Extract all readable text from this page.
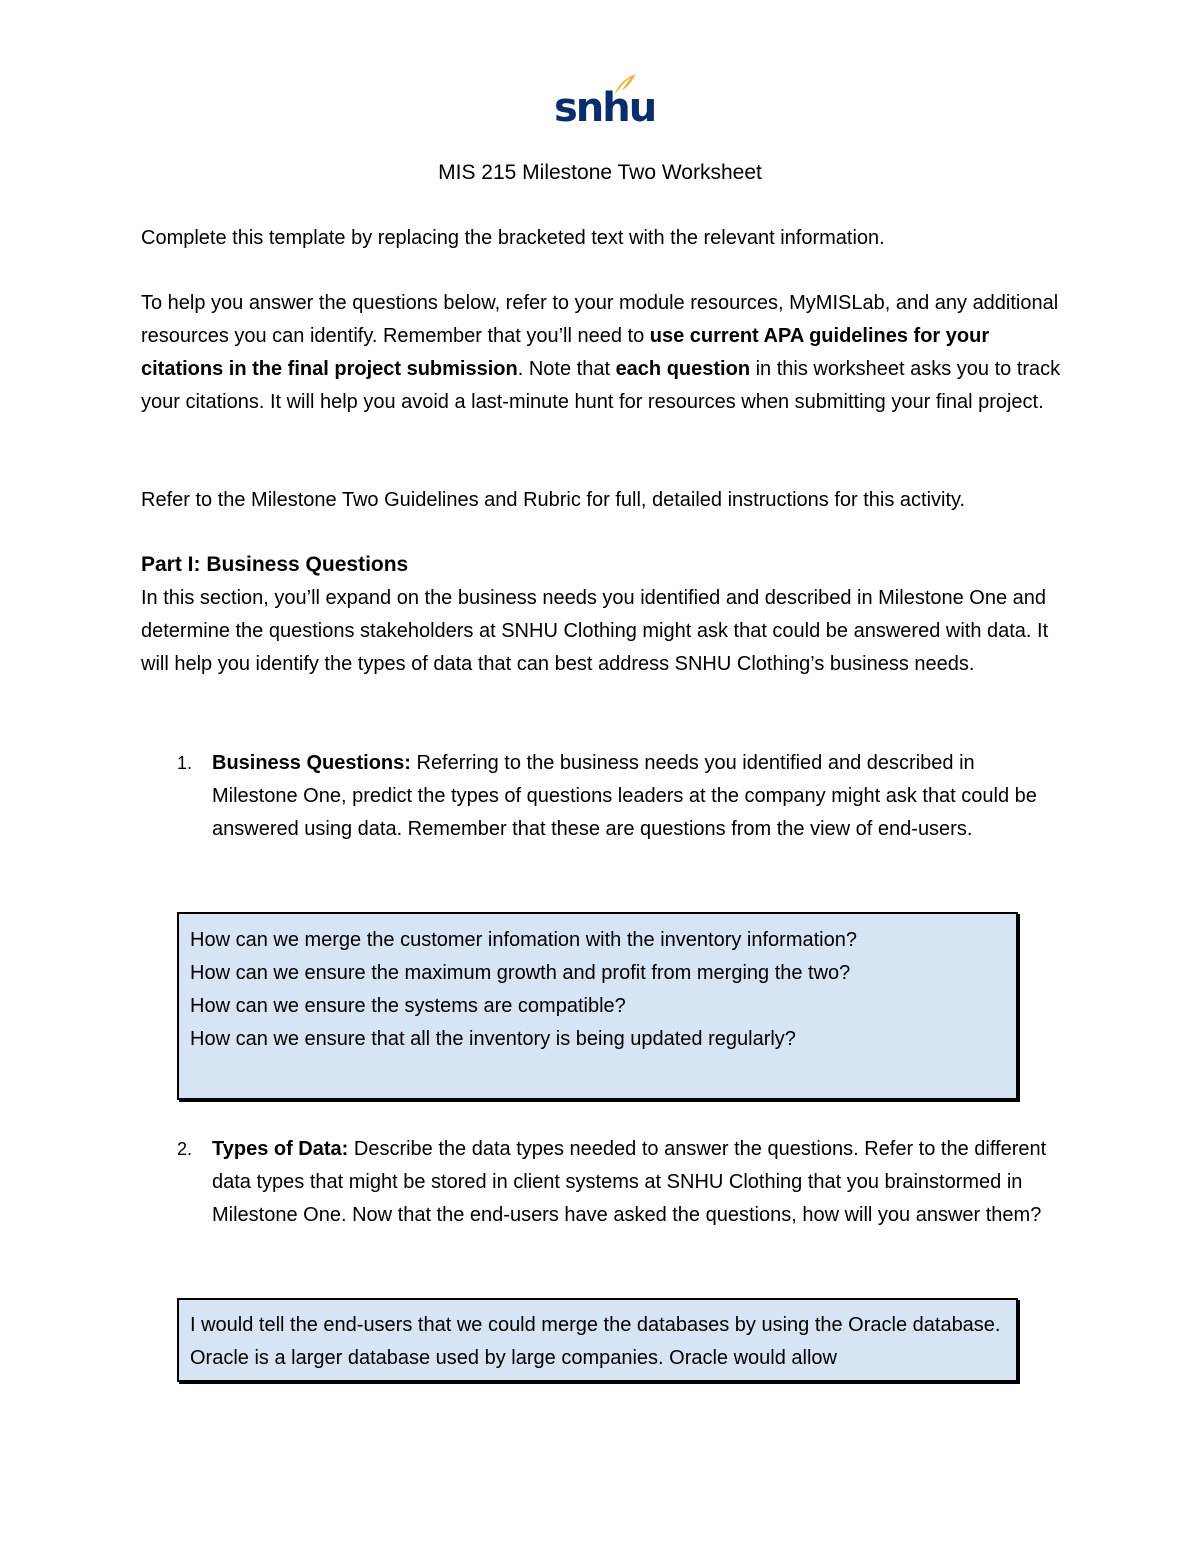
snhu
MIS 215 Milestone Two Worksheet

Complete this template by replacing the bracketed text with the relevant information.

To help you answer the questions below, refer to your module resources, MyMISLab, and any additional resources you can identify. Remember that you’ll need to use current APA guidelines for your citations in the final project submission. Note that each question in this worksheet asks you to track your citations. It will help you avoid a last-minute hunt for resources when submitting your final project.

Refer to the Milestone Two Guidelines and Rubric for full, detailed instructions for this activity.

Part I: Business Questions

In this section, you’ll expand on the business needs you identified and described in Milestone One and determine the questions stakeholders at SNHU Clothing might ask that could be answered with data. It will help you identify the types of data that can best address SNHU Clothing’s business needs.

1. Business Questions: Referring to the business needs you identified and described in Milestone One, predict the types of questions leaders at the company might ask that could be answered using data. Remember that these are questions from the view of end-users.
How can we merge the customer infomation with the inventory information?
How can we ensure the maximum growth and profit from merging the two?
How can we ensure the systems are compatible?
How can we ensure that all the inventory is being updated regularly?
2. Types of Data: Describe the data types needed to answer the questions. Refer to the different data types that might be stored in client systems at SNHU Clothing that you brainstormed in Milestone One. Now that the end-users have asked the questions, how will you answer them?
I would tell the end-users that we could merge the databases by using the Oracle database. Oracle is a larger database used by large companies. Oracle would allow
